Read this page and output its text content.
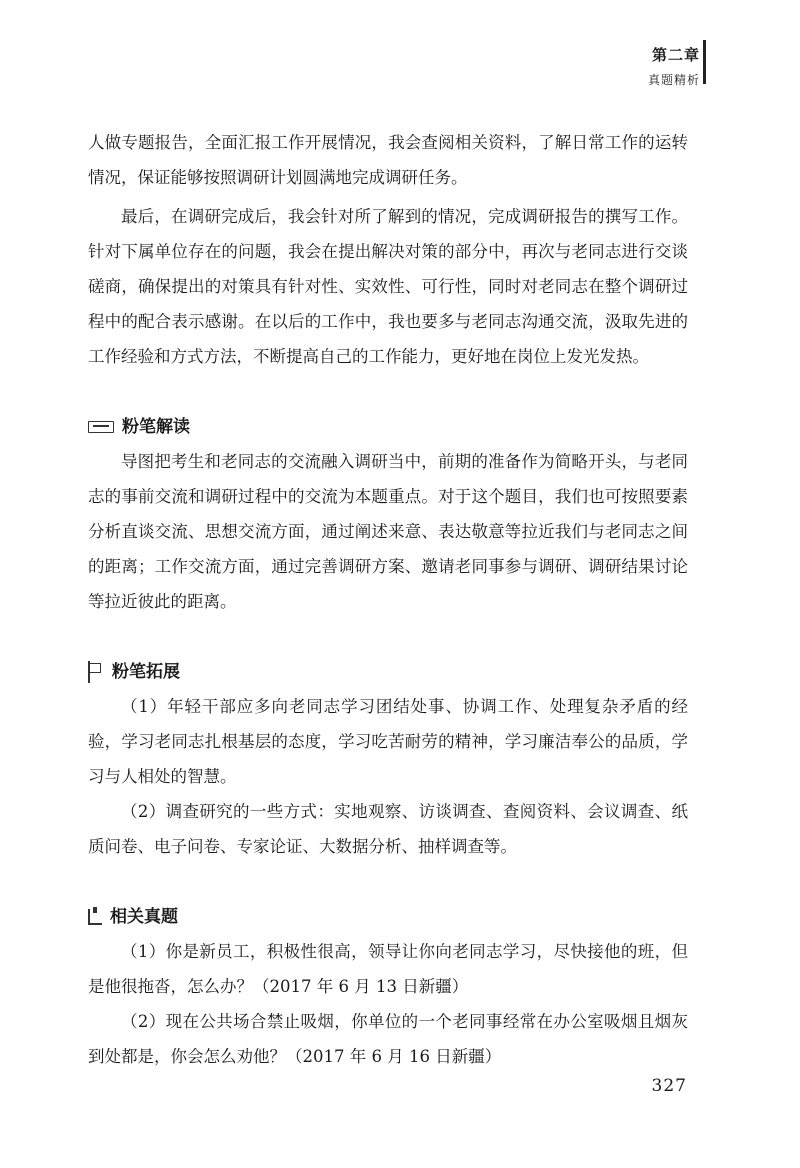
第二章
真题精析

人做专题报告，全面汇报工作开展情况，我会查阅相关资料，了解日常工作的运转情况，保证能够按照调研计划圆满地完成调研任务。

最后，在调研完成后，我会针对所了解到的情况，完成调研报告的撰写工作。针对下属单位存在的问题，我会在提出解决对策的部分中，再次与老同志进行交谈磋商，确保提出的对策具有针对性、实效性、可行性，同时对老同志在整个调研过程中的配合表示感谢。在以后的工作中，我也要多与老同志沟通交流，汲取先进的工作经验和方式方法，不断提高自己的工作能力，更好地在岗位上发光发热。

粉笔解读

导图把考生和老同志的交流融入调研当中，前期的准备作为简略开头，与老同志的事前交流和调研过程中的交流为本题重点。对于这个题目，我们也可按照要素分析直谈交流、思想交流方面，通过阐述来意、表达敬意等拉近我们与老同志之间的距离；工作交流方面，通过完善调研方案、邀请老同事参与调研、调研结果讨论等拉近彼此的距离。

粉笔拓展

（1）年轻干部应多向老同志学习团结处事、协调工作、处理复杂矛盾的经验，学习老同志扎根基层的态度，学习吃苦耐劳的精神，学习廉洁奉公的品质，学习与人相处的智慧。

（2）调查研究的一些方式：实地观察、访谈调查、查阅资料、会议调查、纸质问卷、电子问卷、专家论证、大数据分析、抽样调查等。

相关真题

（1）你是新员工，积极性很高，领导让你向老同志学习，尽快接他的班，但是他很拖沓，怎么办？（2017 年 6 月 13 日新疆）

（2）现在公共场合禁止吸烟，你单位的一个老同事经常在办公室吸烟且烟灰到处都是，你会怎么劝他？（2017 年 6 月 16 日新疆）

327
